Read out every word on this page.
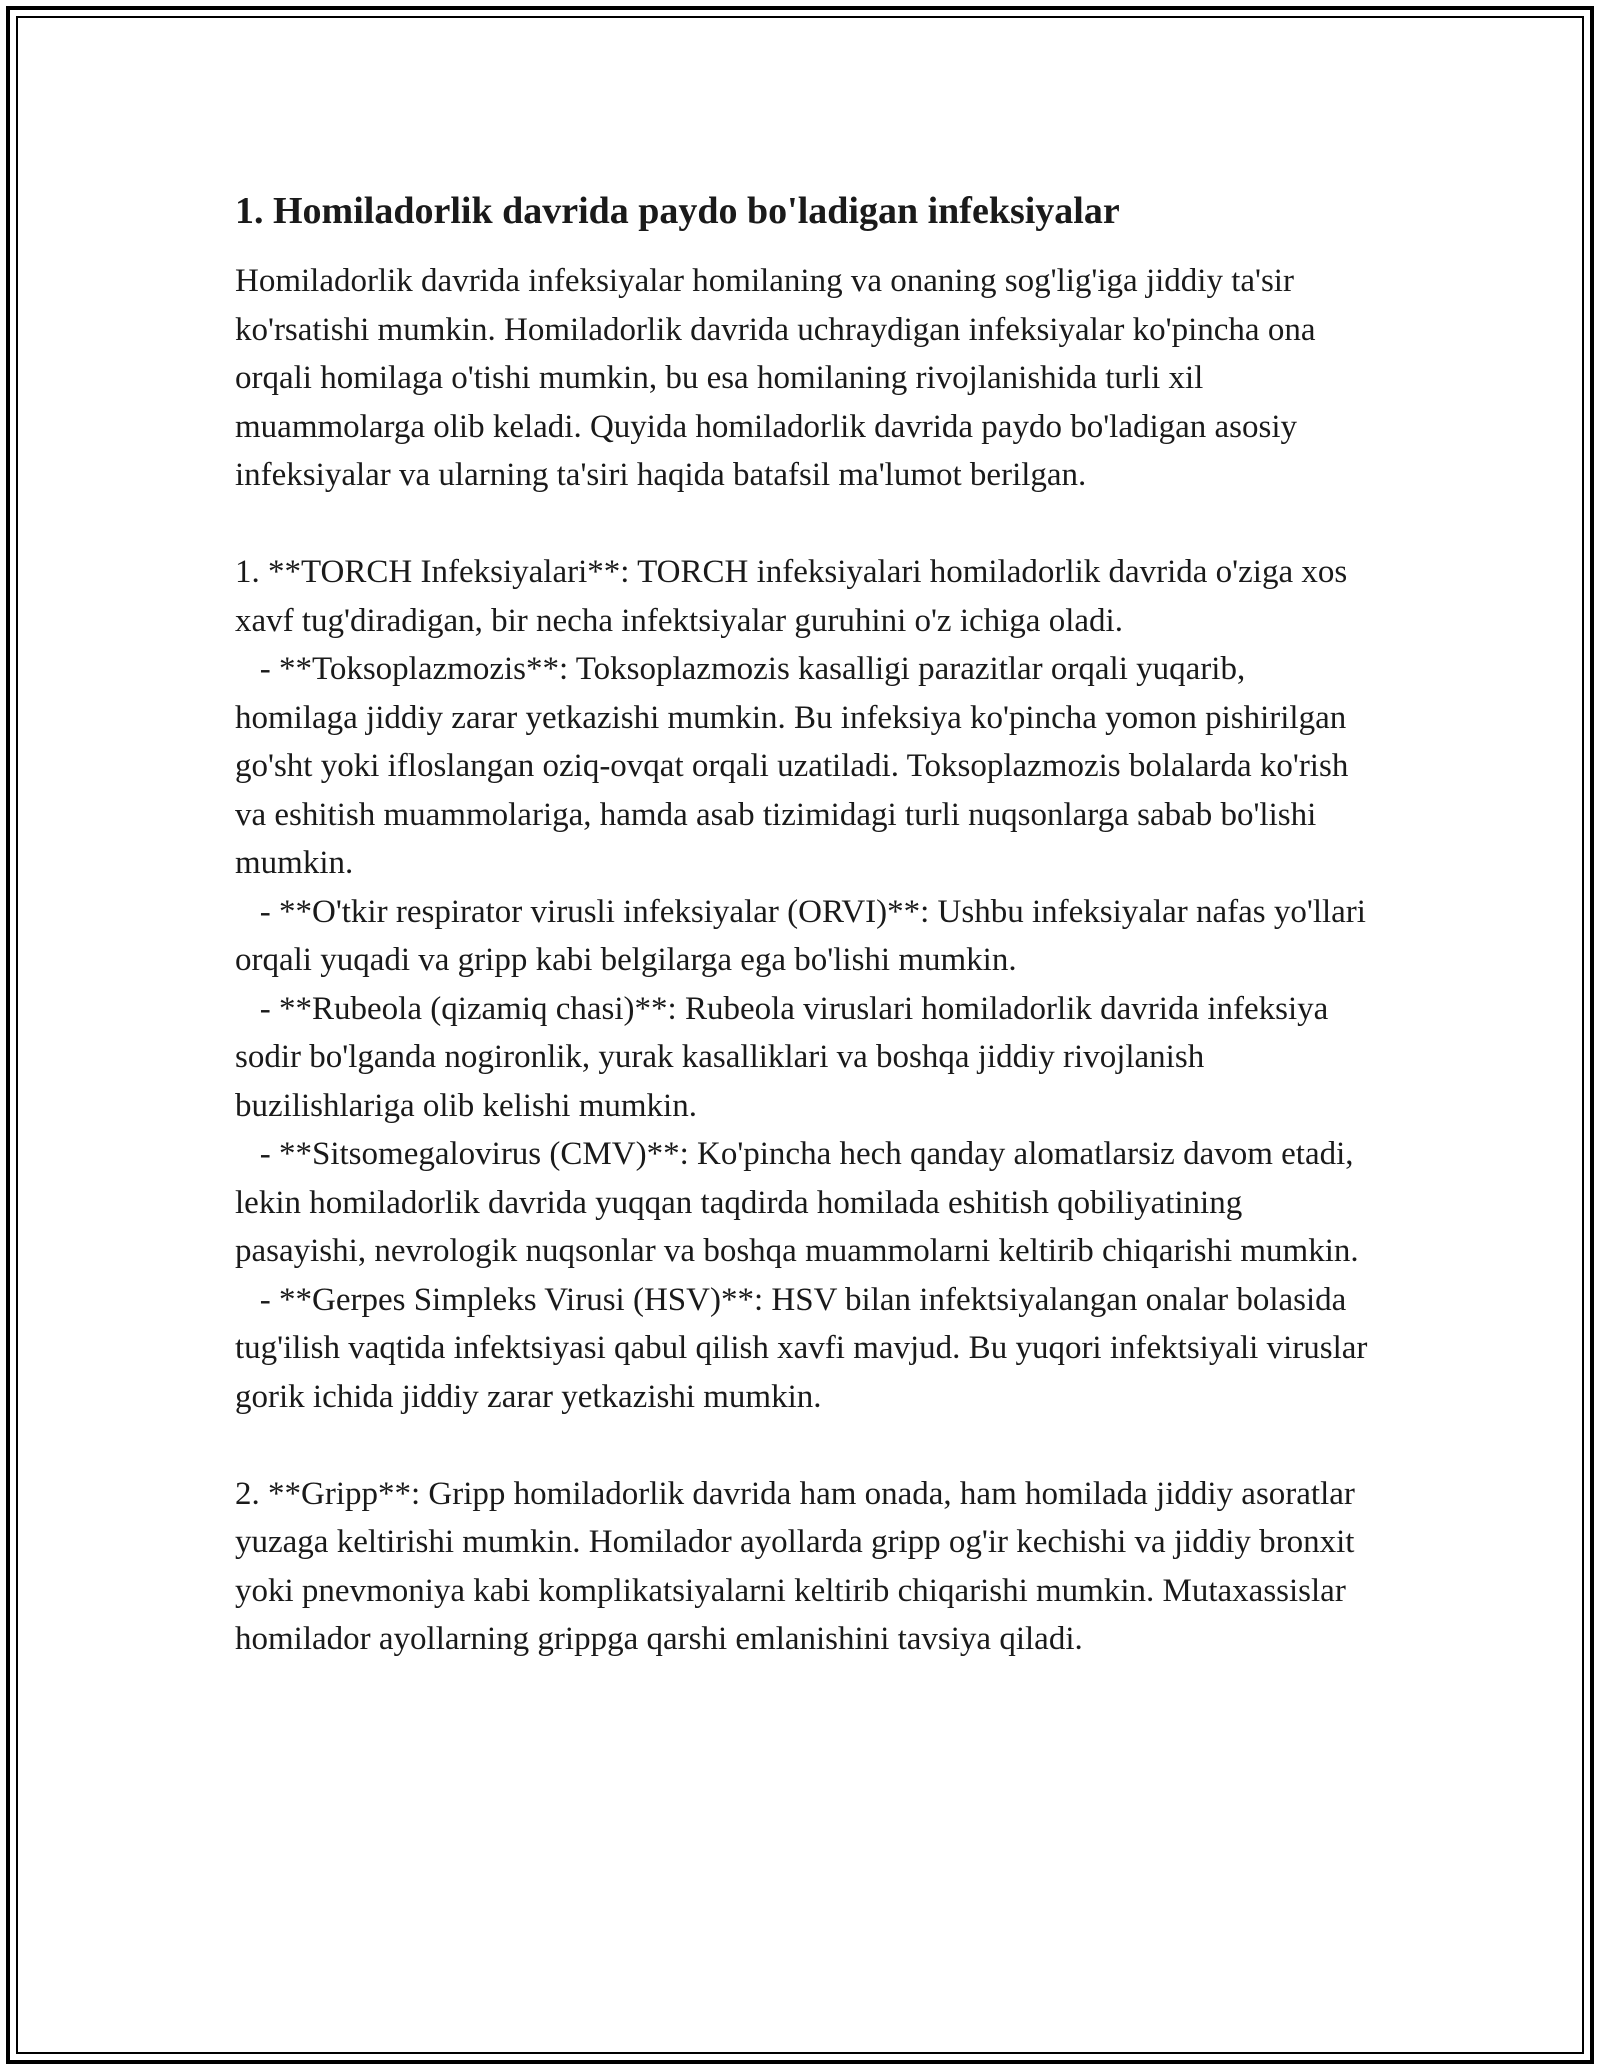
1. Homiladorlik davrida paydo bo'ladigan infeksiyalar

Homiladorlik davrida infeksiyalar homilaning va onaning sog'lig'iga jiddiy ta'sir ko'rsatishi mumkin. Homiladorlik davrida uchraydigan infeksiyalar ko'pincha ona orqali homilaga o'tishi mumkin, bu esa homilaning rivojlanishida turli xil muammolarga olib keladi. Quyida homiladorlik davrida paydo bo'ladigan asosiy infeksiyalar va ularning ta'siri haqida batafsil ma'lumot berilgan.

1. **TORCH Infeksiyalari**: TORCH infeksiyalari homiladorlik davrida o'ziga xos xavf tug'diradigan, bir necha infektsiyalar guruhini o'z ichiga oladi.

- **Toksoplazmozis**: Toksoplazmozis kasalligi parazitlar orqali yuqarib, homilaga jiddiy zarar yetkazishi mumkin. Bu infeksiya ko'pincha yomon pishirilgan go'sht yoki ifloslangan oziq-ovqat orqali uzatiladi. Toksoplazmozis bolalarda ko'rish va eshitish muammolariga, hamda asab tizimidagi turli nuqsonlarga sabab bo'lishi mumkin.

- **O'tkir respirator virusli infeksiyalar (ORVI)**: Ushbu infeksiyalar nafas yo'llari orqali yuqadi va gripp kabi belgilarga ega bo'lishi mumkin.

- **Rubeola (qizamiq chasi)**: Rubeola viruslari homiladorlik davrida infeksiya sodir bo'lganda nogironlik, yurak kasalliklari va boshqa jiddiy rivojlanish buzilishlariga olib kelishi mumkin.

- **Sitsomegalovirus (CMV)**: Ko'pincha hech qanday alomatlarsiz davom etadi, lekin homiladorlik davrida yuqqan taqdirda homilada eshitish qobiliyatining pasayishi, nevrologik nuqsonlar va boshqa muammolarni keltirib chiqarishi mumkin.

- **Gerpes Simpleks Virusi (HSV)**: HSV bilan infektsiyalangan onalar bolasida tug'ilish vaqtida infektsiyasi qabul qilish xavfi mavjud. Bu yuqori infektsiyali viruslar gorik ichida jiddiy zarar yetkazishi mumkin.

2. **Gripp**: Gripp homiladorlik davrida ham onada, ham homilada jiddiy asoratlar yuzaga keltirishi mumkin. Homilador ayollarda gripp og'ir kechishi va jiddiy bronxit yoki pnevmoniya kabi komplikatsiyalarni keltirib chiqarishi mumkin. Mutaxassislar homilador ayollarning grippga qarshi emlanishini tavsiya qiladi.
